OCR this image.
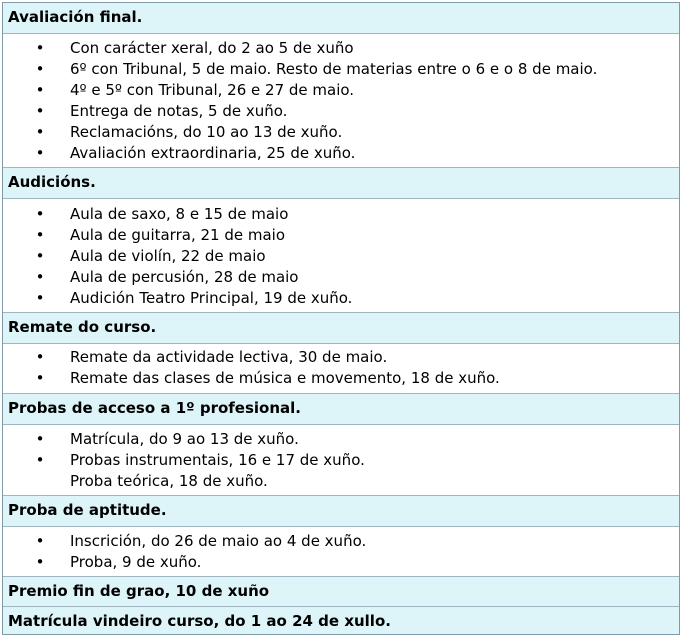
Avaliación final.
• Con carácter xeral, do 2 ao 5 de xuño
• 6º con Tribunal, 5 de maio. Resto de materias entre o 6 e o 8 de maio.
• 4º e 5º con Tribunal, 26 e 27 de maio.
• Entrega de notas, 5 de xuño.
• Reclamacións, do 10 ao 13 de xuño.
• Avaliación extraordinaria, 25 de xuño.
Audicións.
• Aula de saxo, 8 e 15 de maio
• Aula de guitarra, 21 de maio
• Aula de violín, 22 de maio
• Aula de percusión, 28 de maio
• Audición Teatro Principal, 19 de xuño.
Remate do curso.
• Remate da actividade lectiva, 30 de maio.
• Remate das clases de música e movemento, 18 de xuño.
Probas de acceso a 1º profesional.
• Matrícula, do 9 ao 13 de xuño.
• Probas instrumentais, 16 e 17 de xuño.
Proba teórica, 18 de xuño.
Proba de aptitude.
• Inscrición, do 26 de maio ao 4 de xuño.
• Proba, 9 de xuño.
Premio fin de grao, 10 de xuño
Matrícula vindeiro curso, do 1 ao 24 de xullo.
